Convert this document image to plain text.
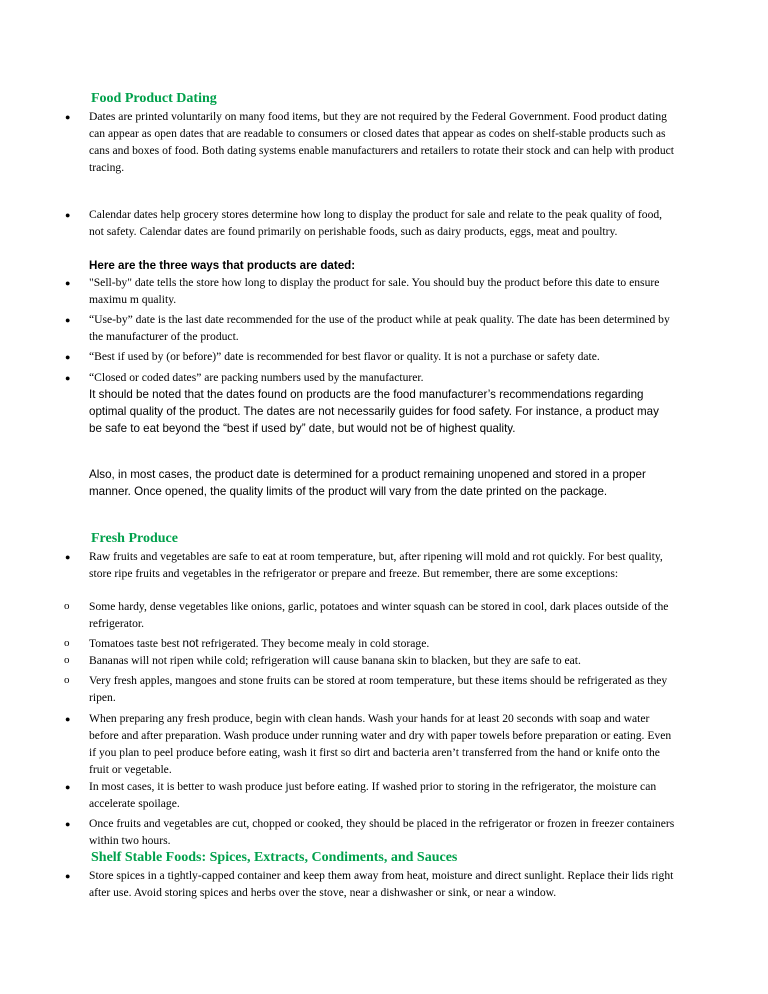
Food Product Dating
● Dates are printed voluntarily on many food items, but they are not required by the Federal Government. Food product dating can appear as open dates that are readable to consumers or closed dates that appear as codes on shelf-stable products such as cans and boxes of food. Both dating systems enable manufacturers and retailers to rotate their stock and can help with product tracing.

● Calendar dates help grocery stores determine how long to display the product for sale and relate to the peak quality of food, not safety. Calendar dates are found primarily on perishable foods, such as dairy products, eggs, meat and poultry.

Here are the three ways that products are dated:

● "Sell-by" date tells the store how long to display the product for sale. You should buy the product before this date to ensure maximu m quality.

● “Use-by” date is the last date recommended for the use of the product while at peak quality. The date has been determined by the manufacturer of the product.

● “Best if used by (or before)” date is recommended for best flavor or quality. It is not a purchase or safety date.

● “Closed or coded dates” are packing numbers used by the manufacturer.

It should be noted that the dates found on products are the food manufacturer’s recommendations regarding optimal quality of the product. The dates are not necessarily guides for food safety. For instance, a product may be safe to eat beyond the “best if used by” date, but would not be of highest quality.

Also, in most cases, the product date is determined for a product remaining unopened and stored in a proper manner. Once opened, the quality limits of the product will vary from the date printed on the package.

Fresh Produce
● Raw fruits and vegetables are safe to eat at room temperature, but, after ripening will mold and rot quickly. For best quality, store ripe fruits and vegetables in the refrigerator or prepare and freeze. But remember, there are some exceptions:

o Some hardy, dense vegetables like onions, garlic, potatoes and winter squash can be stored in cool, dark places outside of the refrigerator.

o Tomatoes taste best not refrigerated. They become mealy in cold storage.

o Bananas will not ripen while cold; refrigeration will cause banana skin to blacken, but they are safe to eat.

o Very fresh apples, mangoes and stone fruits can be stored at room temperature, but these items should be refrigerated as they ripen.

● When preparing any fresh produce, begin with clean hands. Wash your hands for at least 20 seconds with soap and water before and after preparation. Wash produce under running water and dry with paper towels before preparation or eating. Even if you plan to peel produce before eating, wash it first so dirt and bacteria aren’t transferred from the hand or knife onto the fruit or vegetable.

● In most cases, it is better to wash produce just before eating. If washed prior to storing in the refrigerator, the moisture can accelerate spoilage.

● Once fruits and vegetables are cut, chopped or cooked, they should be placed in the refrigerator or frozen in freezer containers within two hours.

Shelf Stable Foods: Spices, Extracts, Condiments, and Sauces
● Store spices in a tightly-capped container and keep them away from heat, moisture and direct sunlight. Replace their lids right after use. Avoid storing spices and herbs over the stove, near a dishwasher or sink, or near a window.
